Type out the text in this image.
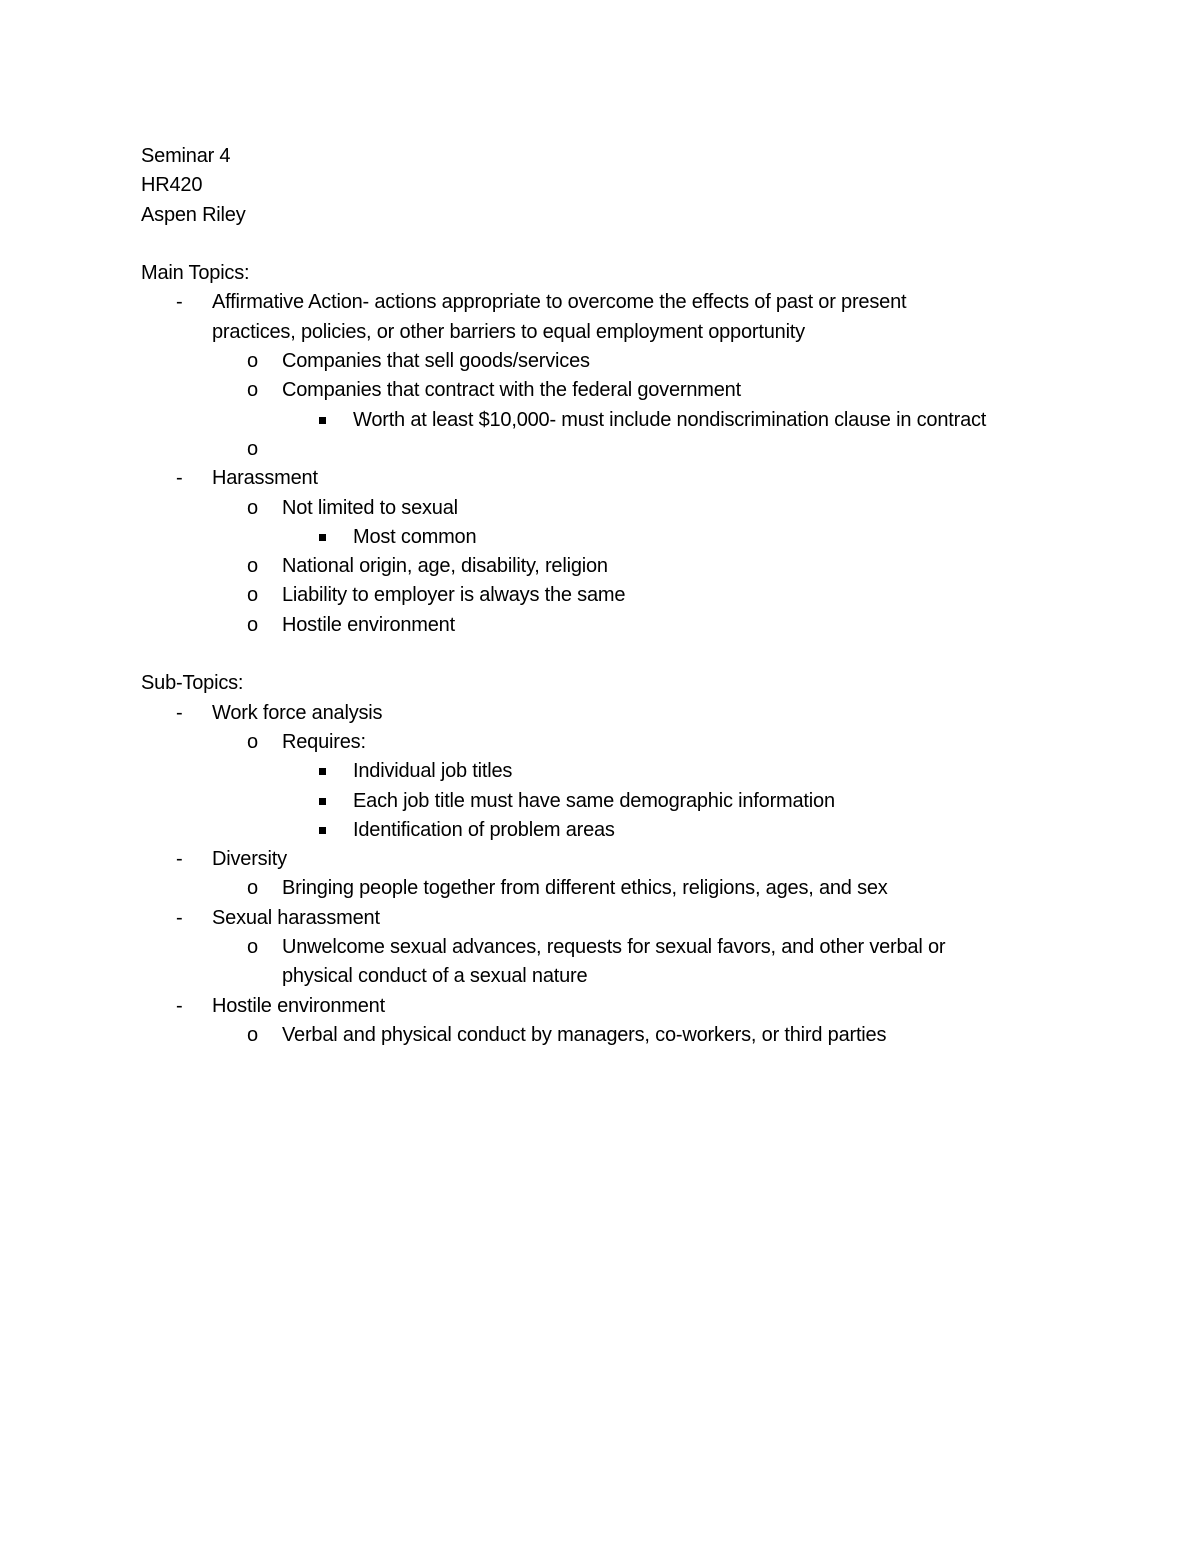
Seminar 4

HR420

Aspen Riley

Main Topics:

- Affirmative Action- actions appropriate to overcome the effects of past or present

practices, policies, or other barriers to equal employment opportunity

o Companies that sell goods/services

o Companies that contract with the federal government

Worth at least $10,000- must include nondiscrimination clause in contract

o

- Harassment

o Not limited to sexual

Most common

o National origin, age, disability, religion

o Liability to employer is always the same

o Hostile environment

Sub-Topics:

- Work force analysis

o Requires:

Individual job titles

Each job title must have same demographic information

Identification of problem areas

- Diversity

o Bringing people together from different ethics, religions, ages, and sex

- Sexual harassment

o Unwelcome sexual advances, requests for sexual favors, and other verbal or

physical conduct of a sexual nature

- Hostile environment

o Verbal and physical conduct by managers, co-workers, or third parties
